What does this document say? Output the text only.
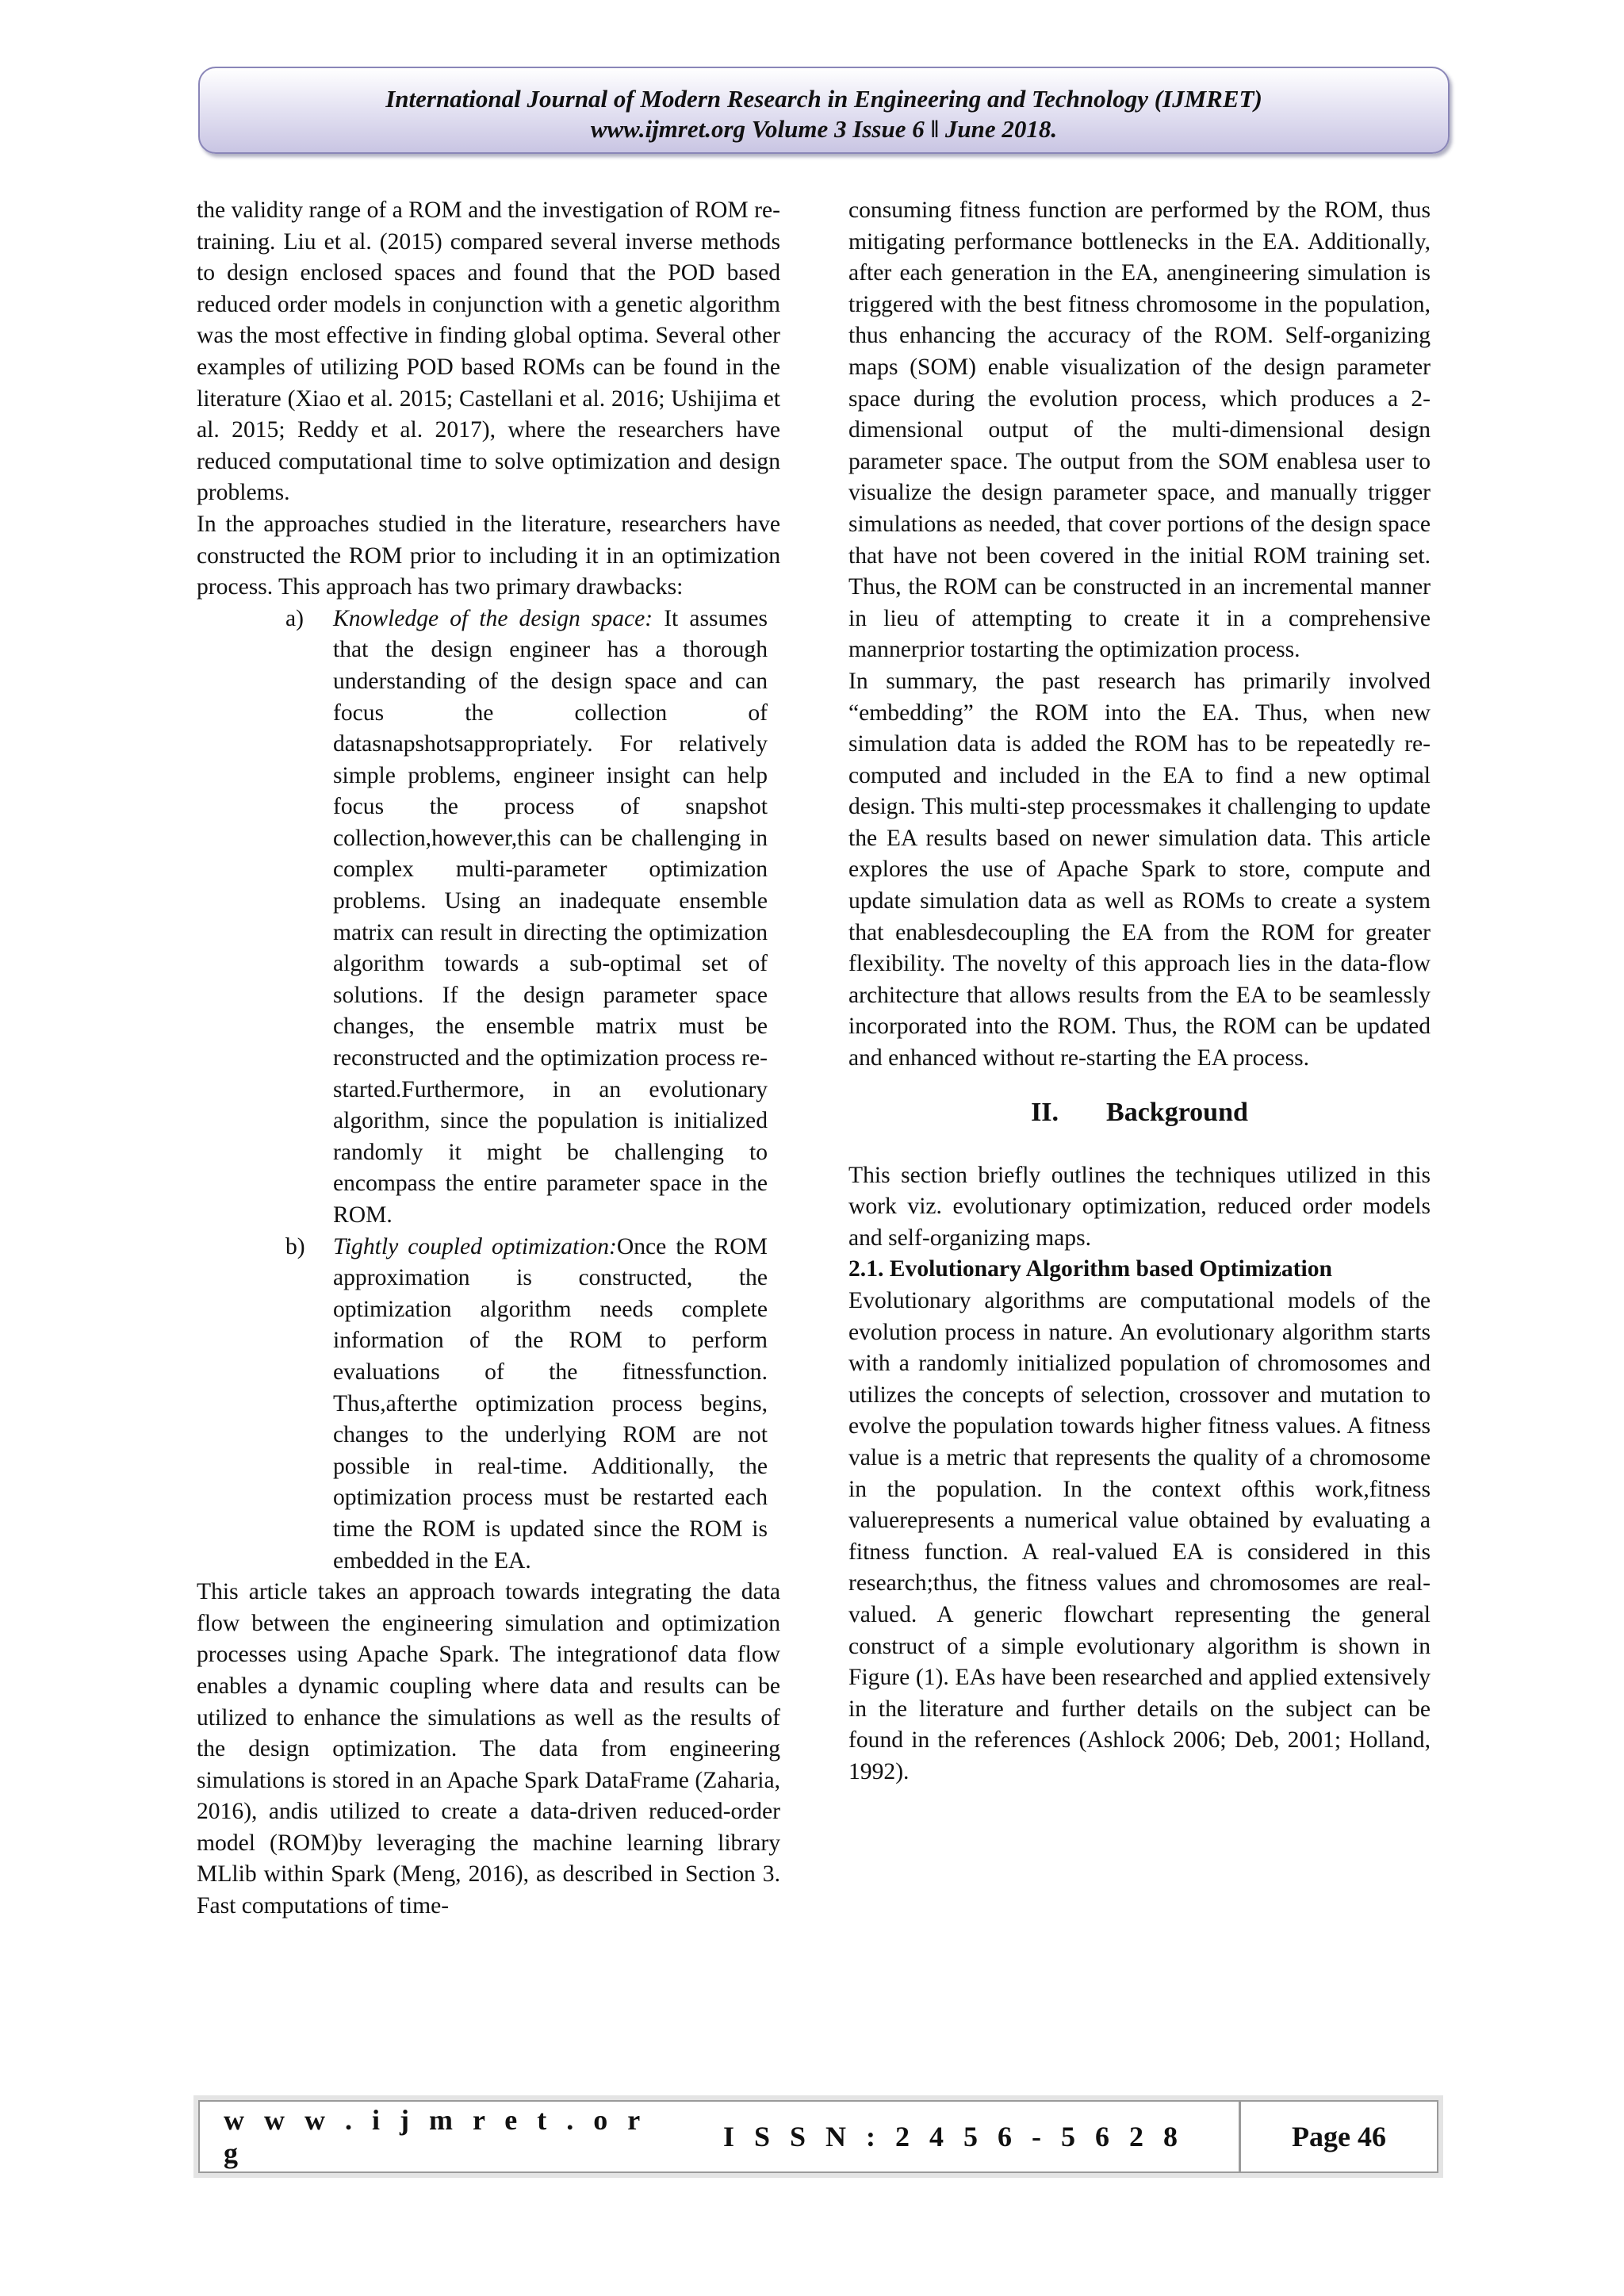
International Journal of Modern Research in Engineering and Technology (IJMRET)
www.ijmret.org Volume 3 Issue 6 ǁ June 2018.

the validity range of a ROM and the investigation of ROM re-training. Liu et al. (2015) compared several inverse methods to design enclosed spaces and found that the POD based reduced order models in conjunction with a genetic algorithm was the most effective in finding global optima. Several other examples of utilizing POD based ROMs can be found in the literature (Xiao et al. 2015; Castellani et al. 2016; Ushijima et al. 2015; Reddy et al. 2017), where the researchers have reduced computational time to solve optimization and design problems.

In the approaches studied in the literature, researchers have constructed the ROM prior to including it in an optimization process. This approach has two primary drawbacks:

a)	Knowledge of the design space: It assumes that the design engineer has a thorough understanding of the design space and can focus the collection of datasnapshotsappropriately. For relatively simple problems, engineer insight can help focus the process of snapshot collection,however,this can be challenging in complex multi-parameter optimization problems. Using an inadequate ensemble matrix can result in directing the optimization algorithm towards a sub-optimal set of solutions. If the design parameter space changes, the ensemble matrix must be reconstructed and the optimization process re-started.Furthermore, in an evolutionary algorithm, since the population is initialized randomly it might be challenging to encompass the entire parameter space in the ROM.
b)	Tightly coupled optimization:Once the ROM approximation is constructed, the optimization algorithm needs complete information of the ROM to perform evaluations of the fitnessfunction. Thus,afterthe optimization process begins, changes to the underlying ROM are not possible in real-time. Additionally, the optimization process must be restarted each time the ROM is updated since the ROM is embedded in the EA.

This article takes an approach towards integrating the data flow between the engineering simulation and optimization processes using Apache Spark. The integrationof data flow enables a dynamic coupling where data and results can be utilized to enhance the simulations as well as the results of the design optimization. The data from engineering simulations is stored in an Apache Spark DataFrame (Zaharia, 2016), andis utilized to create a data-driven reduced-order model (ROM)by leveraging the machine learning library MLlib within Spark (Meng, 2016), as described in Section 3. Fast computations of time-

consuming fitness function are performed by the ROM, thus mitigating performance bottlenecks in the EA. Additionally, after each generation in the EA, anengineering simulation is triggered with the best fitness chromosome in the population, thus enhancing the accuracy of the ROM. Self-organizing maps (SOM) enable visualization of the design parameter space during the evolution process, which produces a 2-dimensional output of the multi-dimensional design parameter space. The output from the SOM enablesa user to visualize the design parameter space, and manually trigger simulations as needed, that cover portions of the design space that have not been covered in the initial ROM training set. Thus, the ROM can be constructed in an incremental manner in lieu of attempting to create it in a comprehensive mannerprior tostarting the optimization process.

In summary, the past research has primarily involved “embedding” the ROM into the EA. Thus, when new simulation data is added the ROM has to be repeatedly re-computed and included in the EA to find a new optimal design. This multi-step processmakes it challenging to update the EA results based on newer simulation data. This article explores the use of Apache Spark to store, compute and update simulation data as well as ROMs to create a system that enablesdecoupling the EA from the ROM for greater flexibility. The novelty of this approach lies in the data-flow architecture that allows results from the EA to be seamlessly incorporated into the ROM. Thus, the ROM can be updated and enhanced without re-starting the EA process.

II. Background

This section briefly outlines the techniques utilized in this work viz. evolutionary optimization, reduced order models and self-organizing maps.

2.1. Evolutionary Algorithm based Optimization

Evolutionary algorithms are computational models of the evolution process in nature. An evolutionary algorithm starts with a randomly initialized population of chromosomes and utilizes the concepts of selection, crossover and mutation to evolve the population towards higher fitness values. A fitness value is a metric that represents the quality of a chromosome in the population. In the context ofthis work,fitness valuerepresents a numerical value obtained by evaluating a fitness function. A real-valued EA is considered in this research;thus, the fitness values and chromosomes are real-valued. A generic flowchart representing the general construct of a simple evolutionary algorithm is shown in Figure (1). EAs have been researched and applied extensively in the literature and further details on the subject can be found in the references (Ashlock 2006; Deb, 2001; Holland, 1992).

w w w . i j m r e t . o r g
I S S N : 2 4 5 6 - 5 6 2 8	Page 46
